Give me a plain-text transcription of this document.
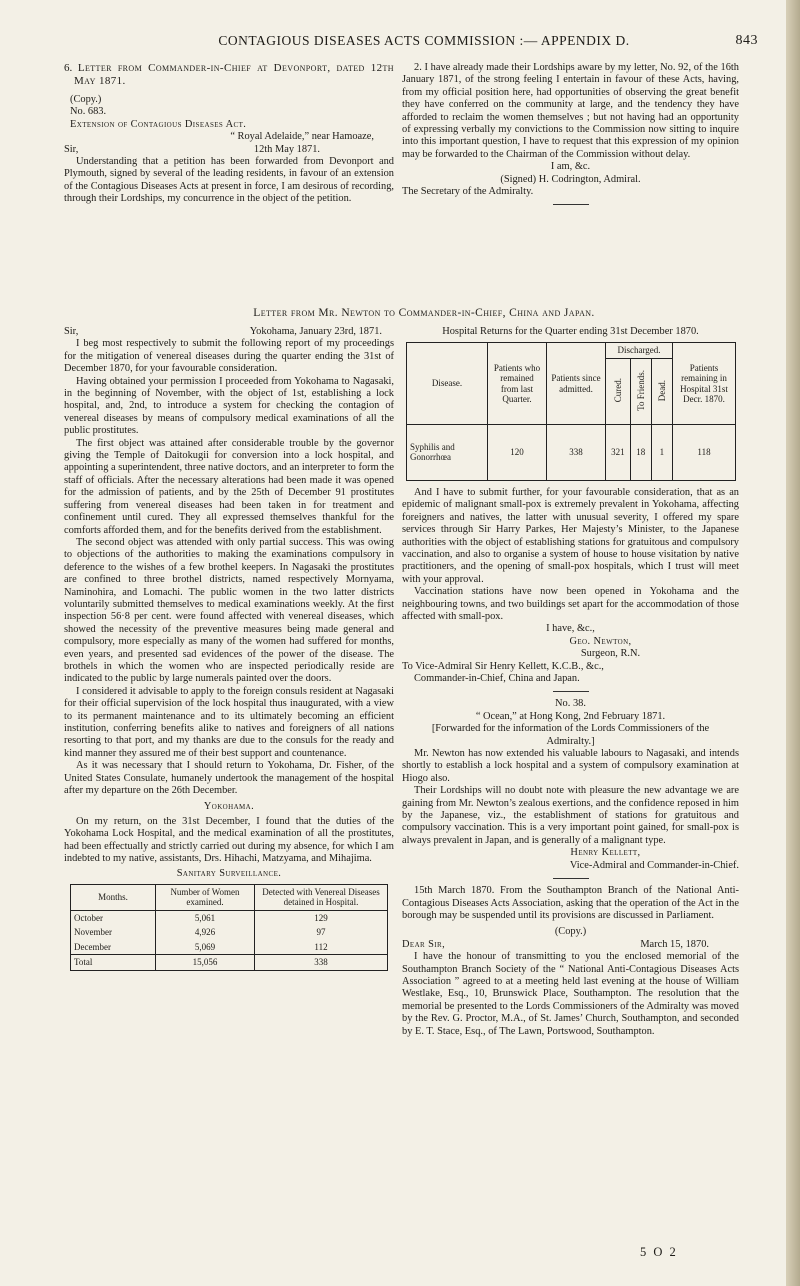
CONTAGIOUS DISEASES ACTS COMMISSION :— APPENDIX D.	843

6. Letter from Commander-in-Chief at Devonport, dated 12th May 1871.

(Copy.)

No. 683.

Extension of Contagious Diseases Act.

“ Royal Adelaide,” near Hamoaze,

Sir,	12th May 1871.

Understanding that a petition has been forwarded from Devonport and Plymouth, signed by several of the leading residents, in favour of an extension of the Contagious Diseases Acts at present in force, I am desirous of recording, through their Lordships, my concurrence in the object of the petition.

2. I have already made their Lordships aware by my letter, No. 92, of the 16th January 1871, of the strong feeling I entertain in favour of these Acts, having, from my official position here, had opportunities of observing the great benefit they have conferred on the community at large, and the tendency they have afforded to reclaim the women themselves ; but not having had an opportunity of expressing verbally my convictions to the Commission now sitting to inquire into this important question, I have to request that this expression of my opinion may be forwarded to the Chairman of the Commission without delay.

I am, &c.

(Signed) H. Codrington, Admiral.

The Secretary of the Admiralty.

Letter from Mr. Newton to Commander-in-Chief, China and Japan.

Sir,	Yokohama, January 23rd, 1871.

I beg most respectively to submit the following report of my proceedings for the mitigation of venereal diseases during the quarter ending the 31st of December 1870, for your favourable consideration.

Having obtained your permission I proceeded from Yokohama to Nagasaki, in the beginning of November, with the object of 1st, establishing a lock hospital, and, 2nd, to introduce a system for checking the contagion of venereal diseases by means of compulsory medical examinations of all the public prostitutes.

The first object was attained after considerable trouble by the governor giving the Temple of Daitokugii for conversion into a lock hospital, and appointing a superintendent, three native doctors, and an interpreter to form the staff of officials. After the necessary alterations had been made it was opened for the admission of patients, and by the 25th of December 91 prostitutes suffering from venereal diseases had been taken in for treatment and confinement until cured. They all expressed themselves thankful for the comforts afforded them, and for the benefits derived from the establishment.

The second object was attended with only partial success. This was owing to objections of the authorities to making the examinations compulsory in deference to the wishes of a few brothel keepers. In Nagasaki the prostitutes are confined to three brothel districts, named respectively Mornyama, Naminohira, and Lomachi. The public women in the two latter districts voluntarily submitted themselves to medical examinations weekly. At the first inspection 56·8 per cent. were found affected with venereal diseases, which showed the necessity of the preventive measures being made general and compulsory, more especially as many of the women had suffered for months, even years, and presented sad evidences of the power of the disease. The brothels in which the women who are inspected periodically reside are indicated to the public by large numerals painted over the doors.

I considered it advisable to apply to the foreign consuls resident at Nagasaki for their official supervision of the lock hospital thus inaugurated, with a view to its permanent maintenance and to its ultimately becoming an efficient institution, conferring benefits alike to natives and foreigners of all nations resorting to that port, and my thanks are due to the consuls for the ready and kind manner they assured me of their best support and countenance.

As it was necessary that I should return to Yokohama, Dr. Fisher, of the United States Consulate, humanely undertook the management of the hospital after my departure on the 26th December.

Yokohama.

On my return, on the 31st December, I found that the duties of the Yokohama Lock Hospital, and the medical examination of all the prostitutes, had been effectually and strictly carried out during my absence, for which I am indebted to my native, assistants, Drs. Hihachi, Matzyama, and Mihajima.

Sanitary Surveillance.

Months.	Number of Women examined.	Detected with Venereal Diseases detained in Hospital.
October	5,061	129
November	4,926	97
December	5,069	112
Total	15,056	338

Hospital Returns for the Quarter ending 31st December 1870.

Disease.	Patients who remained from last Quarter.	Patients since admitted.	Discharged.			Patients remaining in Hospital 31st Decr. 1870.
			Cured.	To Friends.	Dead.	
Syphilis and Gonorrhœa	120	338	321	18	1	118

And I have to submit further, for your favourable consideration, that as an epidemic of malignant small-pox is extremely prevalent in Yokohama, affecting foreigners and natives, the latter with unusual severity, I offered my spare services through Sir Harry Parkes, Her Majesty’s Minister, to the Japanese authorities with the object of establishing stations for gratuitous and compulsory vaccination, and also to organise a system of house to house visitation by native practitioners, and the opening of small-pox hospitals, which I trust will meet with your approval.

Vaccination stations have now been opened in Yokohama and the neighbouring towns, and two buildings set apart for the accommodation of those affected with small-pox.

I have, &c.,

Geo. Newton,

Surgeon, R.N.

To Vice-Admiral Sir Henry Kellett, K.C.B., &c.,

Commander-in-Chief, China and Japan.

No. 38.

“ Ocean,” at Hong Kong, 2nd February 1871.

[Forwarded for the information of the Lords Commissioners of the Admiralty.]

Mr. Newton has now extended his valuable labours to Nagasaki, and intends shortly to establish a lock hospital and a system of compulsory examination at Hiogo also.

Their Lordships will no doubt note with pleasure the new advantage we are gaining from Mr. Newton’s zealous exertions, and the confidence reposed in him by the Japanese, viz., the establishment of stations for gratuitous and compulsory vaccination. This is a very important point gained, for small-pox is always prevalent in Japan, and is generally of a malignant type.

Henry Kellett,

Vice-Admiral and Commander-in-Chief.

15th March 1870. From the Southampton Branch of the National Anti-Contagious Diseases Acts Association, asking that the operation of the Act in the borough may be suspended until its provisions are discussed in Parliament.

(Copy.)

Dear Sir,	March 15, 1870.

I have the honour of transmitting to you the enclosed memorial of the Southampton Branch Society of the “ National Anti-Contagious Diseases Acts Association ” agreed to at a meeting held last evening at the house of William Westlake, Esq., 10, Brunswick Place, Southampton. The resolution that the memorial be presented to the Lords Commissioners of the Admiralty was moved by the Rev. G. Proctor, M.A., of St. James’ Church, Southampton, and seconded by E. T. Stace, Esq., of The Lawn, Portswood, Southampton.

5 O 2
